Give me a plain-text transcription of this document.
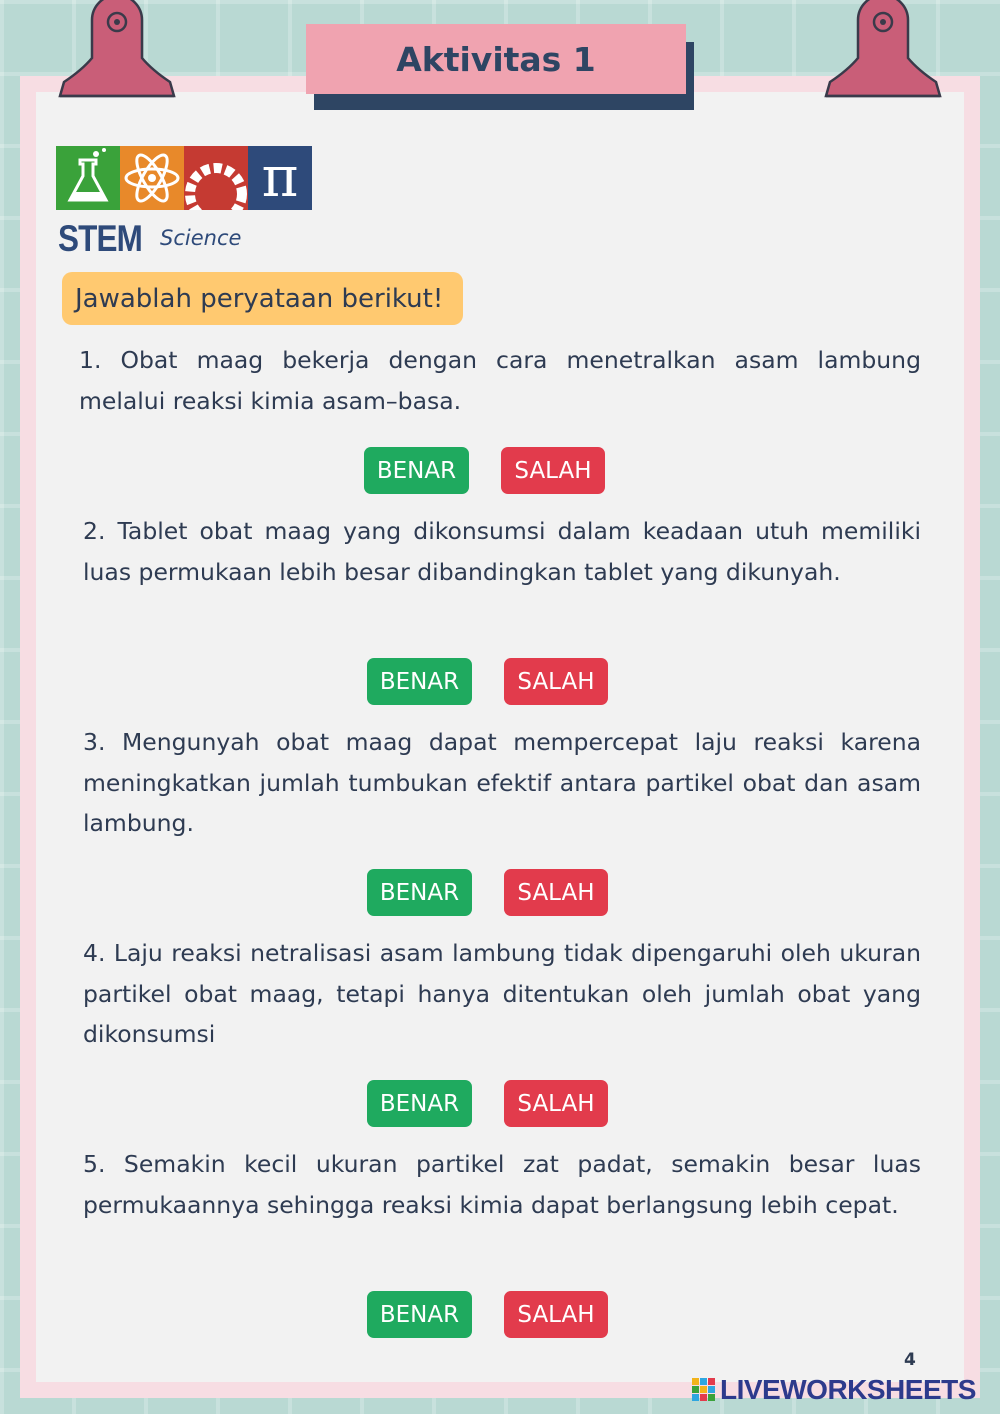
Aktivitas 1
π
STEM Science
Jawablah peryataan berikut!

1. Obat maag bekerja dengan cara menetralkan asam lambung melalui reaksi kimia asam–basa.

BENAR	SALAH

2. Tablet obat maag yang dikonsumsi dalam keadaan utuh memiliki luas permukaan lebih besar dibandingkan tablet yang dikunyah.

BENAR	SALAH

3. Mengunyah obat maag dapat mempercepat laju reaksi karena meningkatkan jumlah tumbukan efektif antara partikel obat dan asam lambung.

BENAR	SALAH

4. Laju reaksi netralisasi asam lambung tidak dipengaruhi oleh ukuran partikel obat maag, tetapi hanya ditentukan oleh jumlah obat yang dikonsumsi

BENAR	SALAH

5. Semakin kecil ukuran partikel zat padat, semakin besar luas permukaannya sehingga reaksi kimia dapat berlangsung lebih cepat.

BENAR	SALAH
4
LIVEWORKSHEETS
